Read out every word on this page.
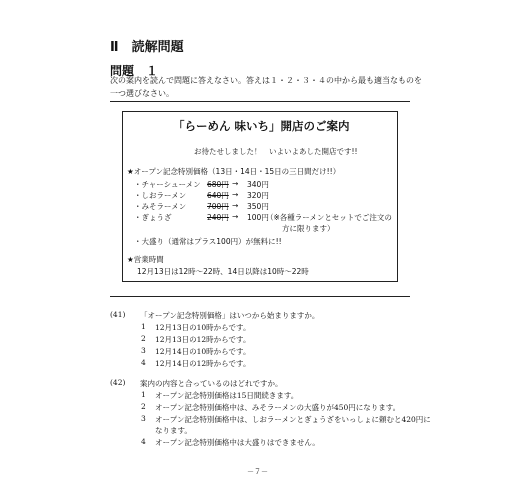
Ⅱ　読解問題
問題　１
次の案内を読んで問題に答えなさい。答えは１・２・３・４の中から最も適当なものを
一つ選びなさい。
「らーめん 味いち」開店のご案内
お待たせしました！　いよいよあした開店です!!
★オープン記念特別価格（13日・14日・15日の三日間だけ!!）
・チャーシューメン 680円 → 340円
・しおラーメン	640円 → 320円
・みそラーメン	700円 → 350円
・ぎょうざ	240円 → 100円
（※各種ラーメンとセットでご注文の
方に限ります）
・大盛り（通常はプラス100円）が無料に!!
★営業時間
12月13日は12時〜22時、14日以降は10時〜22時
(41) 「オープン記念特別価格」はいつから始まりますか。
1 12月13日の10時からです。
2 12月13日の12時からです。
3 12月14日の10時からです。
4 12月14日の12時からです。
(42) 案内の内容と合っているのはどれですか。
1 オープン記念特別価格は15日間続きます。
2 オープン記念特別価格中は、みそラーメンの大盛りが450円になります。
3 オープン記念特別価格中は、しおラーメンとぎょうざをいっしょに頼むと420円に
なります。
4 オープン記念特別価格中は大盛りはできません。
－７－
